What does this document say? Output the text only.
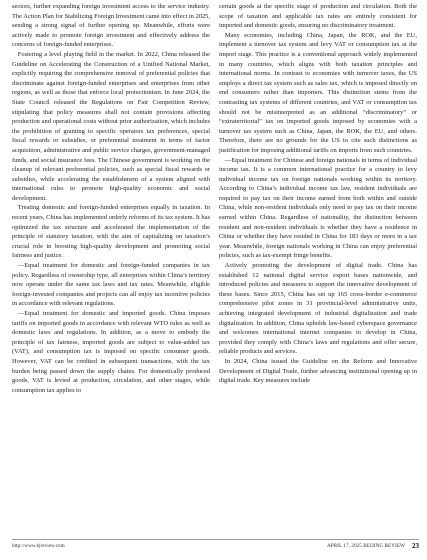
sectors, further expanding foreign investment access to the service industry. The Action Plan for Stabilizing Foreign Investment came into effect in 2025, sending a strong signal of further opening up. Meanwhile, efforts were actively made to promote foreign investment and effectively address the concerns of foreign-funded enterprises.

Fostering a level playing field in the market. In 2022, China released the Guideline on Accelerating the Construction of a Unified National Market, explicitly requiring the comprehensive removal of preferential policies that discriminate against foreign-funded enterprises and enterprises from other regions, as well as those that enforce local protectionism. In June 2024, the State Council released the Regulations on Fair Competition Review, stipulating that policy measures shall not contain provisions affecting production and operational costs without prior authorization, which includes the prohibition of granting to specific operators tax preferences, special fiscal rewards or subsidies, or preferential treatment in terms of factor acquisition, administrative and public service charges, government-managed funds, and social insurance fees. The Chinese government is working on the cleanup of relevant preferential policies, such as special fiscal rewards or subsidies, while accelerating the establishment of a system aligned with international rules to promote high-quality economic and social development.

Treating domestic and foreign-funded enterprises equally in taxation. In recent years, China has implemented orderly reforms of its tax system. It has optimized the tax structure and accelerated the implementation of the principle of statutory taxation, with the aim of capitalizing on taxation’s crucial role in boosting high-quality development and promoting social fairness and justice.

—Equal treatment for domestic and foreign-funded companies in tax policy. Regardless of ownership type, all enterprises within China’s territory now operate under the same tax laws and tax rates. Meanwhile, eligible foreign-invested companies and projects can all enjoy tax incentive policies in accordance with relevant regulations.

—Equal treatment for domestic and imported goods. China imposes tariffs on imported goods in accordance with relevant WTO rules as well as domestic laws and regulations. In addition, as a move to embody the principle of tax fairness, imported goods are subject to value-added tax (VAT), and consumption tax is imposed on specific consumer goods. However, VAT can be credited in subsequent transactions, with the tax burden being passed down the supply chains. For domestically produced goods, VAT is levied at production, circulation, and other stages, while consumption tax applies to

certain goods at the specific stage of production and circulation. Both the scope of taxation and applicable tax rates are entirely consistent for imported and domestic goods, ensuring no discriminatory treatment.

Many economies, including China, Japan, the ROK, and the EU, implement a turnover tax system and levy VAT or consumption tax at the import stage. This practice is a conventional approach widely implemented in many countries, which aligns with both taxation principles and international norms. In contrast to economies with turnover taxes, the US employs a direct tax system such as sales tax, which is imposed directly on end consumers rather than importers. This distinction stems from the contrasting tax systems of different countries, and VAT or consumption tax should not be misinterpreted as an additional “discriminatory” or “extraterritorial” tax on imported goods imposed by economies with a turnover tax system such as China, Japan, the ROK, the EU, and others. Therefore, there are no grounds for the US to cite such distinctions as justification for imposing additional tariffs on imports from such countries.

—Equal treatment for Chinese and foreign nationals in terms of individual income tax. It is a common international practice for a country to levy individual income tax on foreign nationals working within its territory. According to China’s individual income tax law, resident individuals are required to pay tax on their income earned from both within and outside China, while non-resident individuals only need to pay tax on their income earned within China. Regardless of nationality, the distinction between resident and non-resident individuals is whether they have a residence in China or whether they have resided in China for 183 days or more in a tax year. Meanwhile, foreign nationals working in China can enjoy preferential policies, such as tax-exempt fringe benefits.

Actively promoting the development of digital trade. China has established 12 national digital service export bases nationwide, and introduced policies and measures to support the innovative development of these bases. Since 2015, China has set up 165 cross-border e-commerce comprehensive pilot zones in 31 provincial-level administrative units, achieving integrated development of industrial digitalization and trade digitalization. In addition, China upholds law-based cyberspace governance and welcomes international internet companies to develop in China, provided they comply with China’s laws and regulations and offer secure, reliable products and services.

In 2024, China issued the Guideline on the Reform and Innovative Development of Digital Trade, further advancing institutional opening up in digital trade. Key measures include

http://www.bjreview.com	APRIL 17, 2025 BEIJING REVIEW 23
